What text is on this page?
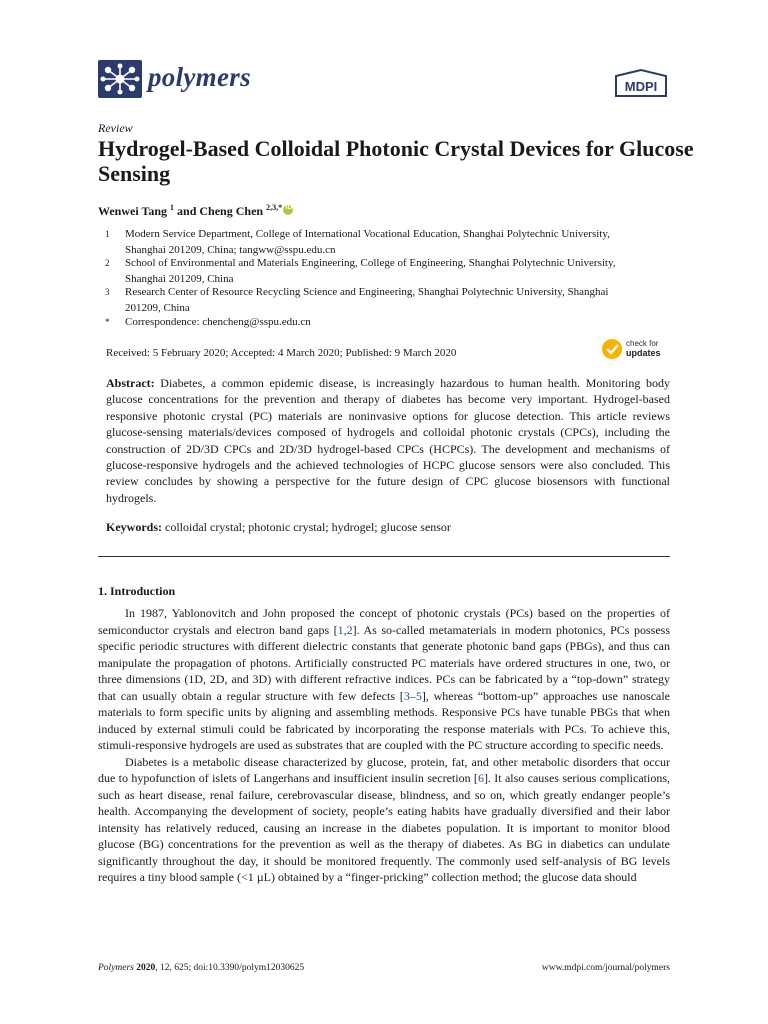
polymers	MDPI
Review
Hydrogel-Based Colloidal Photonic Crystal Devices for Glucose Sensing
Wenwei Tang $^1$ and Cheng Chen $^{2,3,*}$ iD
1 Modern Service Department, College of International Vocational Education, Shanghai Polytechnic University, Shanghai 201209, China; tangww@sspu.edu.cn
2 School of Environmental and Materials Engineering, College of Engineering, Shanghai Polytechnic University, Shanghai 201209, China
3 Research Center of Resource Recycling Science and Engineering, Shanghai Polytechnic University, Shanghai 201209, China
* Correspondence: chencheng@sspu.edu.cn
Received: 5 February 2020; Accepted: 4 March 2020; Published: 9 March 2020
check for
updates
Abstract: Diabetes, a common epidemic disease, is increasingly hazardous to human health. Monitoring body glucose concentrations for the prevention and therapy of diabetes has become very important. Hydrogel-based responsive photonic crystal (PC) materials are noninvasive options for glucose detection. This article reviews glucose-sensing materials/devices composed of hydrogels and colloidal photonic crystals (CPCs), including the construction of 2D/3D CPCs and 2D/3D hydrogel-based CPCs (HCPCs). The development and mechanisms of glucose-responsive hydrogels and the achieved technologies of HCPC glucose sensors were also concluded. This review concludes by showing a perspective for the future design of CPC glucose biosensors with functional hydrogels.
Keywords: colloidal crystal; photonic crystal; hydrogel; glucose sensor
1. Introduction

In 1987, Yablonovitch and John proposed the concept of photonic crystals (PCs) based on the properties of semiconductor crystals and electron band gaps [1,2]. As so-called metamaterials in modern photonics, PCs possess specific periodic structures with different dielectric constants that generate photonic band gaps (PBGs), and thus can manipulate the propagation of photons. Artificially constructed PC materials have ordered structures in one, two, or three dimensions (1D, 2D, and 3D) with different refractive indices. PCs can be fabricated by a “top-down” strategy that can usually obtain a regular structure with few defects [3–5], whereas “bottom-up” approaches use nanoscale materials to form specific units by aligning and assembling methods. Responsive PCs have tunable PBGs that when induced by external stimuli could be fabricated by incorporating the response materials with PCs. To achieve this, stimuli-responsive hydrogels are used as substrates that are coupled with the PC structure according to specific needs.

Diabetes is a metabolic disease characterized by glucose, protein, fat, and other metabolic disorders that occur due to hypofunction of islets of Langerhans and insufficient insulin secretion [6]. It also causes serious complications, such as heart disease, renal failure, cerebrovascular disease, blindness, and so on, which greatly endanger people’s health. Accompanying the development of society, people’s eating habits have gradually diversified and their labor intensity has relatively reduced, causing an increase in the diabetes population. It is important to monitor blood glucose (BG) concentrations for the prevention as well as the therapy of diabetes. As BG in diabetics can undulate significantly throughout the day, it should be monitored frequently. The commonly used self-analysis of BG levels requires a tiny blood sample (<1 µL) obtained by a “finger-pricking” collection method; the glucose data should

Polymers 2020, 12, 625; doi:10.3390/polym12030625	www.mdpi.com/journal/polymers
